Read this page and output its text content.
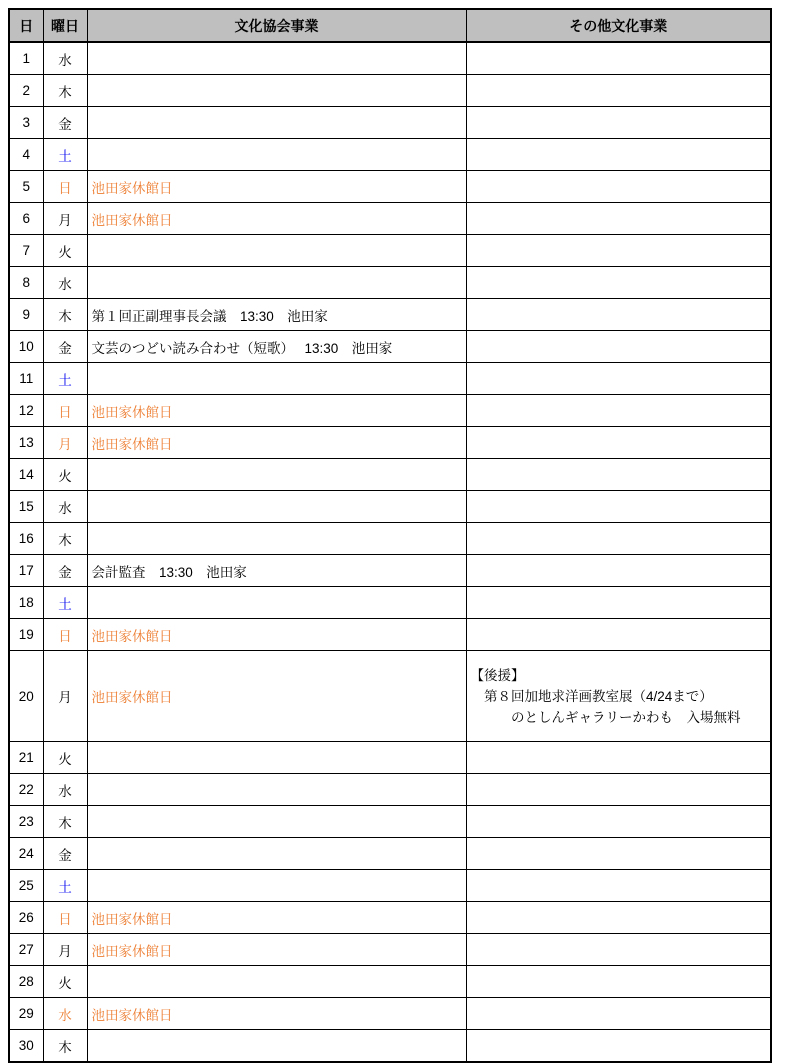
日	曜日	文化協会事業	その他文化事業
1	水		
2	木		
3	金		
4	土		
5	日	池田家休館日	
6	月	池田家休館日	
7	火		
8	水		
9	木	第１回正副理事長会議　13:30　池田家	
10	金	文芸のつどい読み合わせ（短歌）　 13:30　池田家	
11	土		
12	日	池田家休館日	
13	月	池田家休館日	
14	火		
15	水		
16	木		
17	金	会計監査　13:30　池田家	
18	土		
19	日	池田家休館日	
20	月	池田家休館日	【後援】
　第８回加地求洋画教室展（4/24まで）
　　　のとしんギャラリーかわも　入場無料

21	火		
22	水		
23	木		
24	金		
25	土		
26	日	池田家休館日	
27	月	池田家休館日	
28	火		
29	水	池田家休館日	
30	木		
